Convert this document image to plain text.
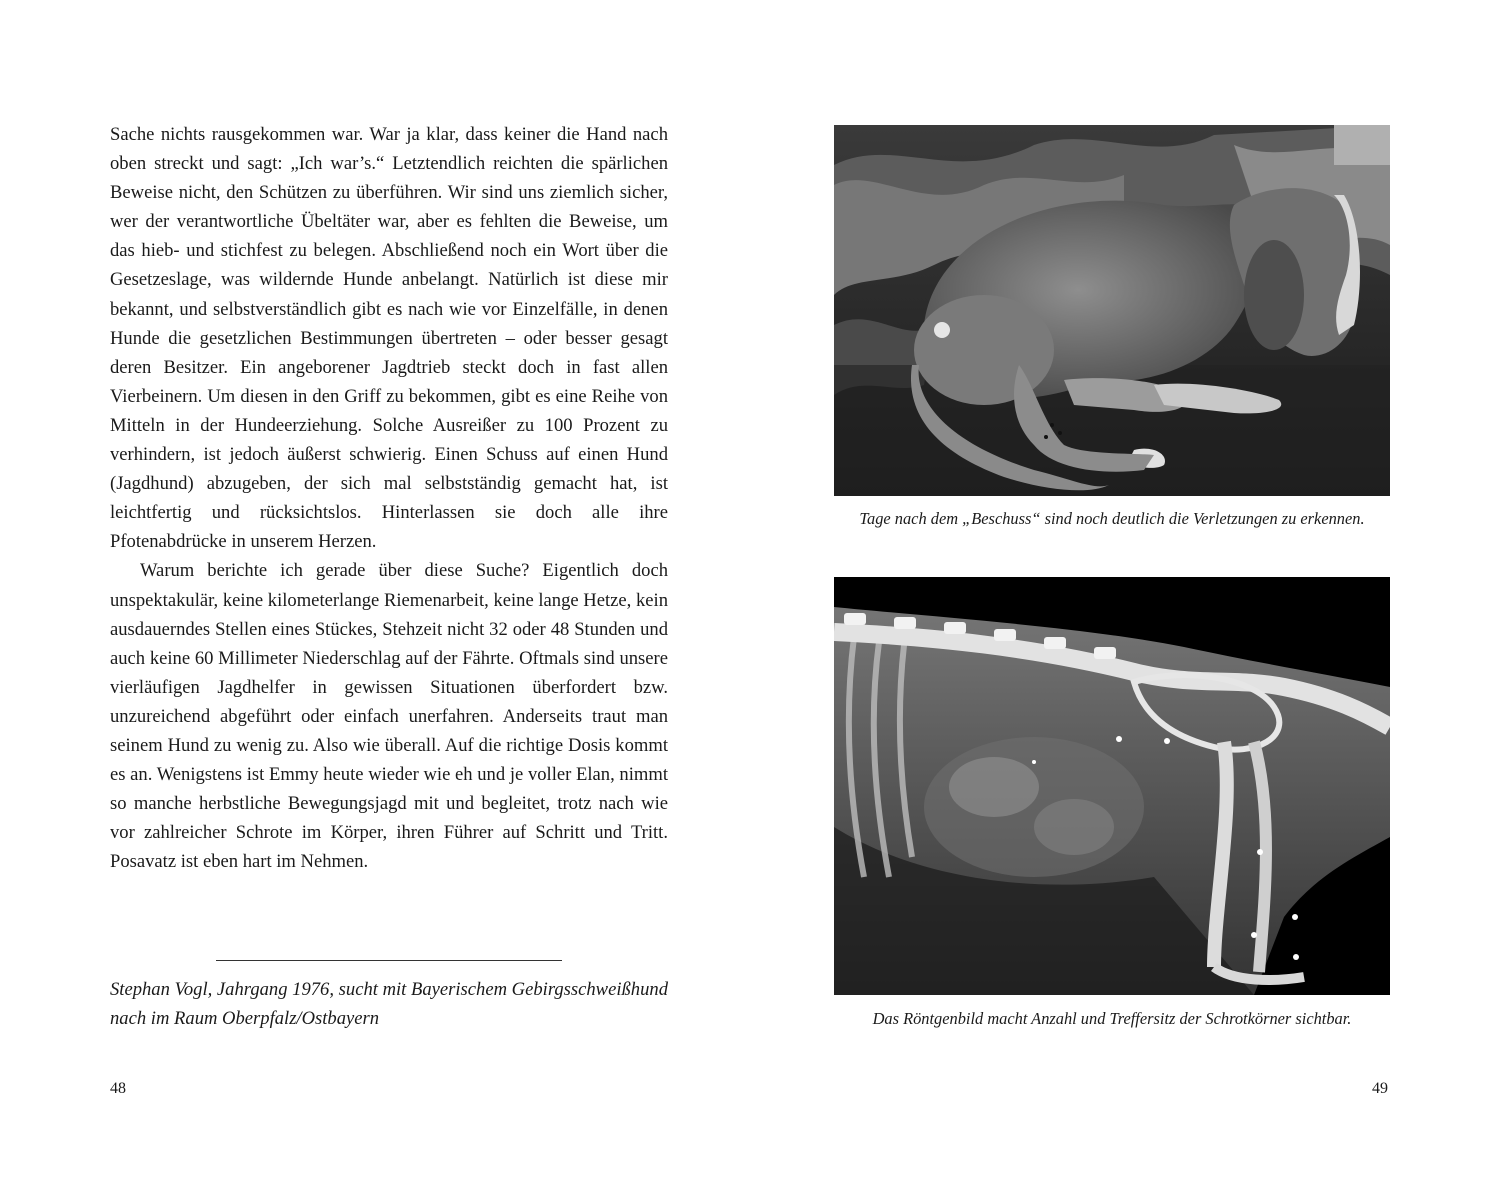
Sache nichts rausgekommen war. War ja klar, dass keiner die Hand nach oben streckt und sagt: „Ich war’s.“ Letztendlich reichten die spärlichen Beweise nicht, den Schützen zu überführen. Wir sind uns ziemlich sicher, wer der verantwortliche Übeltäter war, aber es fehlten die Beweise, um das hieb- und stichfest zu belegen. Abschließend noch ein Wort über die Gesetzeslage, was wildernde Hunde anbelangt. Natürlich ist diese mir bekannt, und selbstverständlich gibt es nach wie vor Einzelfälle, in denen Hunde die gesetzlichen Bestimmungen übertreten – oder besser gesagt deren Besitzer. Ein angeborener Jagdtrieb steckt doch in fast allen Vierbeinern. Um diesen in den Griff zu bekommen, gibt es eine Reihe von Mitteln in der Hundeerziehung. Solche Ausreißer zu 100 Prozent zu verhindern, ist jedoch äußerst schwierig. Einen Schuss auf einen Hund (Jagdhund) abzugeben, der sich mal selbstständig gemacht hat, ist leichtfertig und rücksichtslos. Hinterlassen sie doch alle ihre Pfotenabdrücke in unserem Herzen.

Warum berichte ich gerade über diese Suche? Eigentlich doch unspektakulär, keine kilometerlange Riemenarbeit, keine lange Hetze, kein ausdauerndes Stellen eines Stückes, Stehzeit nicht 32 oder 48 Stunden und auch keine 60 Millimeter Niederschlag auf der Fährte. Oftmals sind unsere vierläufigen Jagdhelfer in gewissen Situationen überfordert bzw. unzureichend abgeführt oder einfach unerfahren. Anderseits traut man seinem Hund zu wenig zu. Also wie überall. Auf die richtige Dosis kommt es an. Wenigstens ist Emmy heute wieder wie eh und je voller Elan, nimmt so manche herbstliche Bewegungsjagd mit und begleitet, trotz nach wie vor zahlreicher Schrote im Körper, ihren Führer auf Schritt und Tritt. Posavatz ist eben hart im Nehmen.

Stephan Vogl, Jahrgang 1976, sucht mit Bayerischem Gebirgsschweißhund nach im Raum Oberpfalz/Ostbayern
48
Tage nach dem „Beschuss“ sind noch deutlich die Verletzungen zu erkennen.
Das Röntgenbild macht Anzahl und Treffersitz der Schrotkörner sichtbar.
49
